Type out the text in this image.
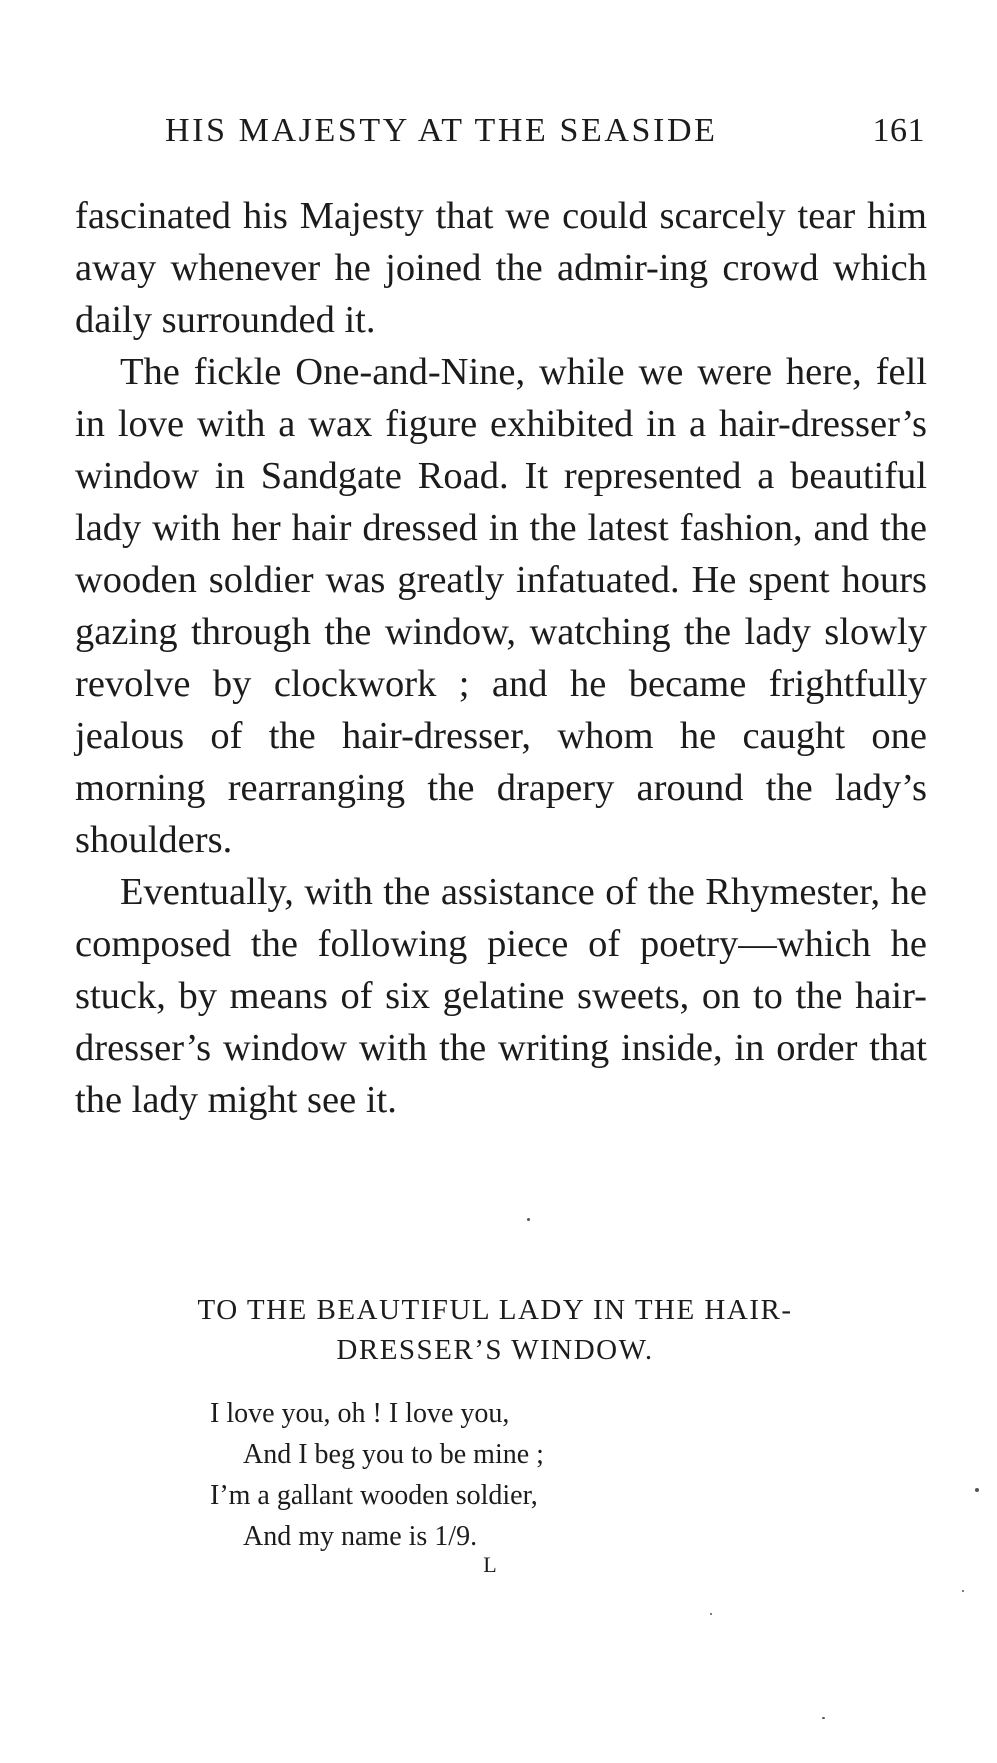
HIS MAJESTY AT THE SEASIDE	161

fascinated his Majesty that we could scarcely tear him away whenever he joined the admir-ing crowd which daily surrounded it.

The fickle One-and-Nine, while we were here, fell in love with a wax figure exhibited in a hair-dresser’s window in Sandgate Road. It represented a beautiful lady with her hair dressed in the latest fashion, and the wooden soldier was greatly infatuated. He spent hours gazing through the window, watching the lady slowly revolve by clockwork ; and he became frightfully jealous of the hair-dresser, whom he caught one morning rearranging the drapery around the lady’s shoulders.

Eventually, with the assistance of the Rhymester, he composed the following piece of poetry—which he stuck, by means of six gelatine sweets, on to the hair-dresser’s window with the writing inside, in order that the lady might see it.

TO THE BEAUTIFUL LADY IN THE HAIR-
DRESSER’S WINDOW.
I love you, oh ! I love you,
And I beg you to be mine ;
I’m a gallant wooden soldier,
And my name is 1/9.
L
